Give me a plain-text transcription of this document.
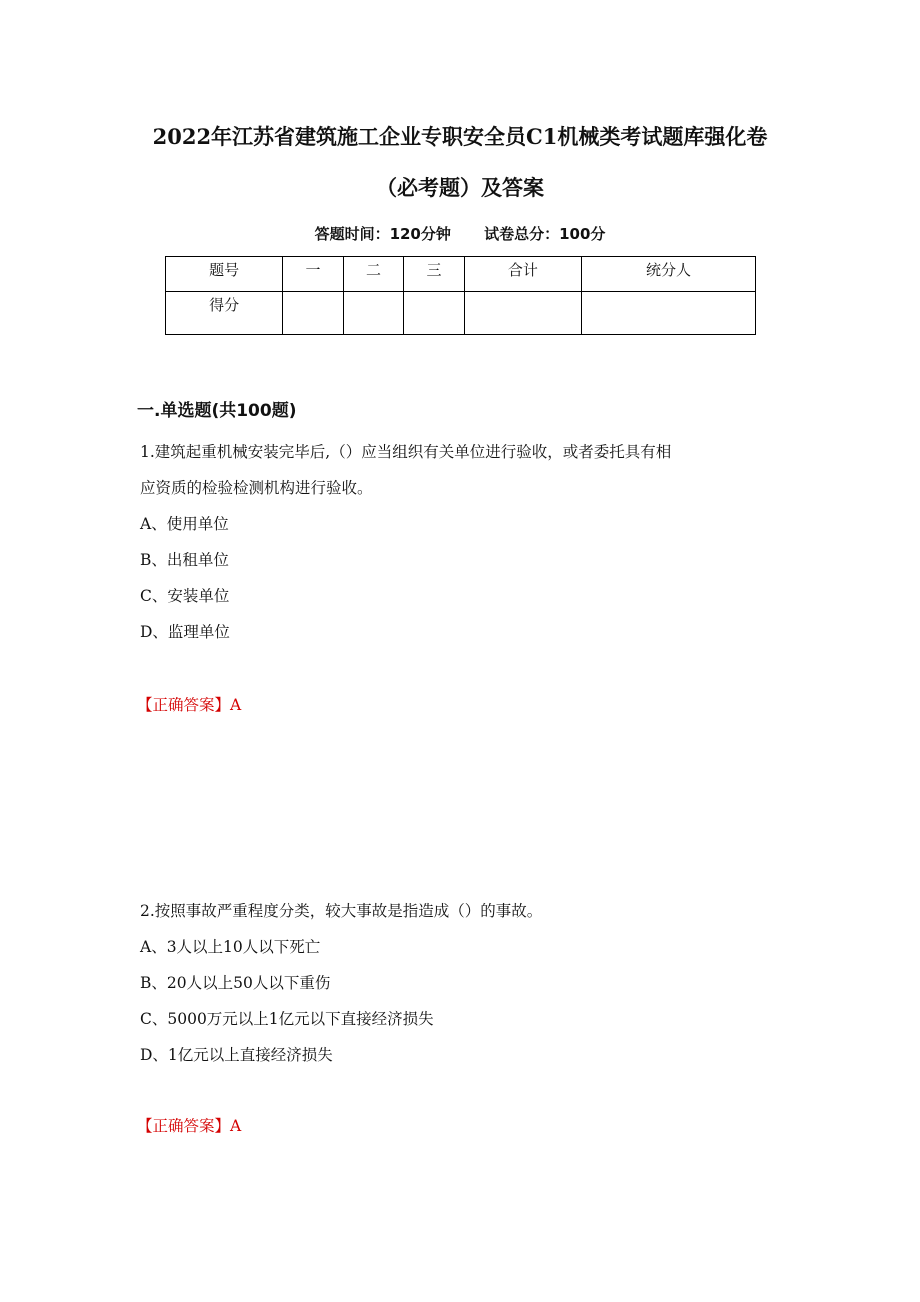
2022年江苏省建筑施工企业专职安全员C1机械类考试题库强化卷
（必考题）及答案
答题时间：120分钟 试卷总分：100分
题号	一	二	三	合计	统分人
得分					
一.单选题(共100题)
1.建筑起重机械安装完毕后,（）应当组织有关单位进行验收，或者委托具有相
应资质的检验检测机构进行验收。
A、使用单位
B、出租单位
C、安装单位
D、监理单位
【正确答案】A
2.按照事故严重程度分类，较大事故是指造成（）的事故。
A、3人以上10人以下死亡
B、20人以上50人以下重伤
C、5000万元以上1亿元以下直接经济损失
D、1亿元以上直接经济损失
【正确答案】A
